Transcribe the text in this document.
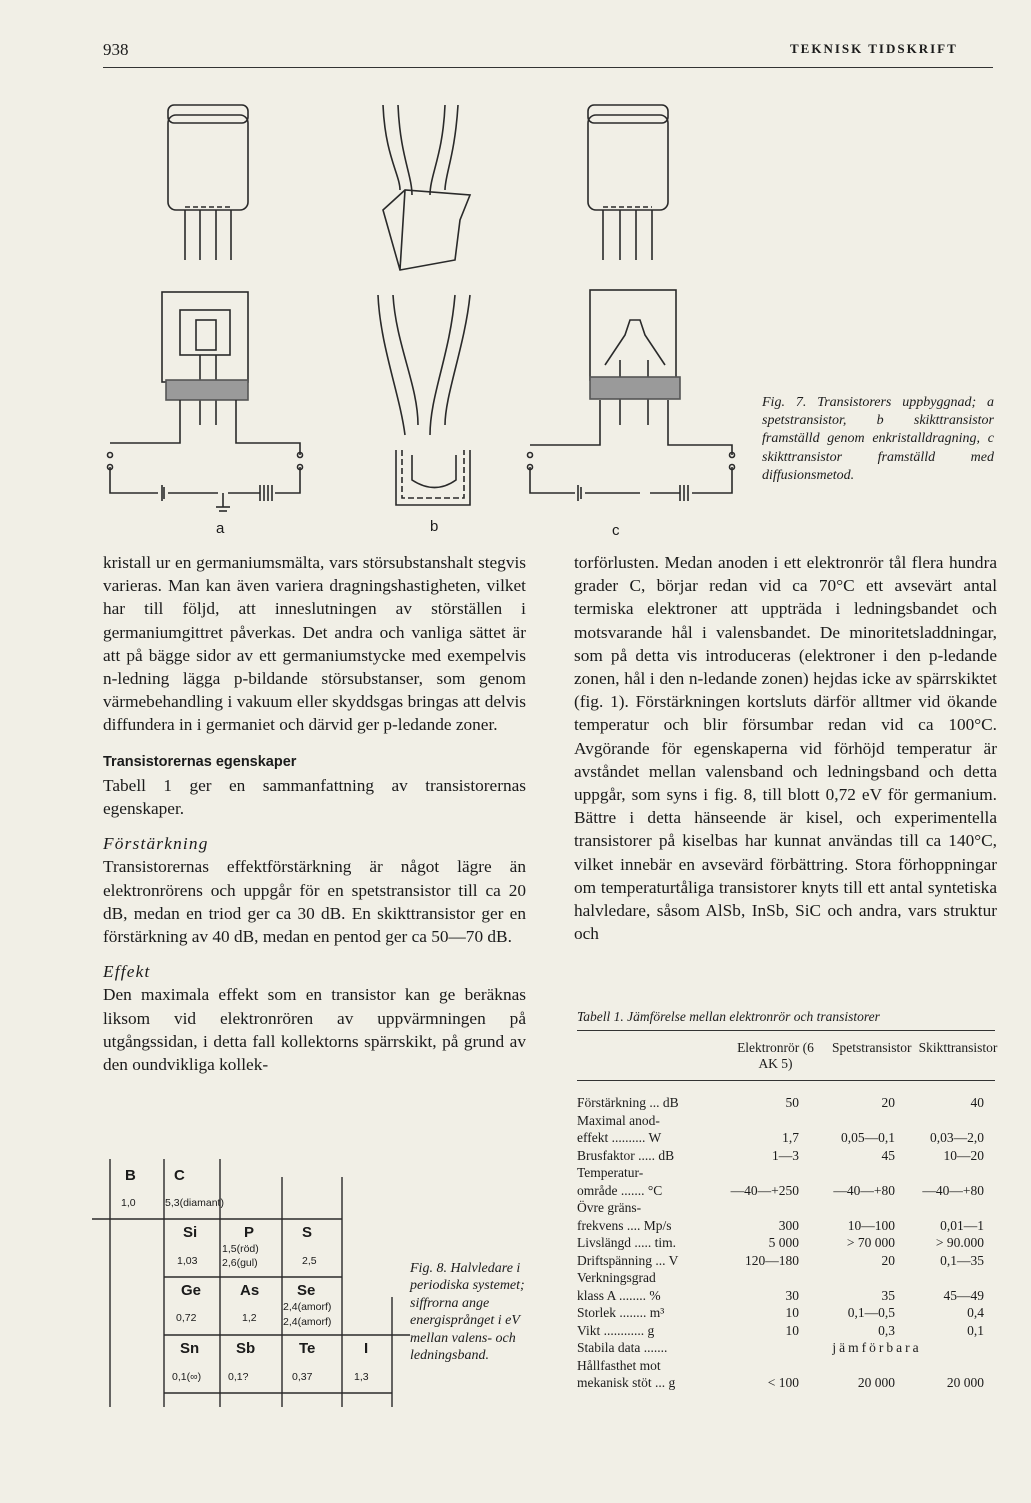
938	TEKNISK TIDSKRIFT
a	b	c
Fig. 7. Transistorers uppbyggnad; a spetstransistor, b skikttransistor framställd genom enkristalldragning, c skikttransistor framställd med diffusionsmetod.

kristall ur en germaniumsmälta, vars störsubstanshalt stegvis varieras. Man kan även variera dragningshastigheten, vilket har till följd, att inneslutningen av störställen i germaniumgittret påverkas. Det andra och vanliga sättet är att på bägge sidor av ett germaniumstycke med exempelvis n-ledning lägga p-bildande störsubstanser, som genom värmebehandling i vakuum eller skyddsgas bringas att delvis diffundera in i germaniet och därvid ger p-ledande zoner.

Transistorernas egenskaper

Tabell 1 ger en sammanfattning av transistorernas egenskaper.

Förstärkning

Transistorernas effektförstärkning är något lägre än elektronrörens och uppgår för en spetstransistor till ca 20 dB, medan en triod ger ca 30 dB. En skikttransistor ger en förstärkning av 40 dB, medan en pentod ger ca 50—70 dB.

Effekt

Den maximala effekt som en transistor kan ge beräknas liksom vid elektronrören av uppvärmningen på utgångssidan, i detta fall kollektorns spärrskikt, på grund av den oundvikliga kollek-

torförlusten. Medan anoden i ett elektronrör tål flera hundra grader C, börjar redan vid ca 70°C ett avsevärt antal termiska elektroner att uppträda i ledningsbandet och motsvarande hål i valensbandet. De minoritetsladdningar, som på detta vis introduceras (elektroner i den p-ledande zonen, hål i den n-ledande zonen) hejdas icke av spärrskiktet (fig. 1). Förstärkningen kortsluts därför alltmer vid ökande temperatur och blir försumbar redan vid ca 100°C. Avgörande för egenskaperna vid förhöjd temperatur är avståndet mellan valensband och ledningsband och detta uppgår, som syns i fig. 8, till blott 0,72 eV för germanium. Bättre i detta hänseende är kisel, och experimentella transistorer på kiselbas har kunnat användas till ca 140°C, vilket innebär en avsevärd förbättring. Stora förhoppningar om temperaturtåliga transistorer knyts till ett antal syntetiska halvledare, såsom AlSb, InSb, SiC och andra, vars struktur och

B
1,0
C
5,3(diamant)
Si
1,03
P
1,5(röd)
2,6(gul)
S
2,5
Ge
0,72
As
1,2
Se
2,4(amorf)
2,4(amorf)
Sn
0,1(∞)
Sb
0,1?
Te
0,37
I
1,3
Fig. 8. Halvledare i periodiska systemet; siffrorna ange energisprånget i eV mellan valens- och ledningsband.
Tabell 1. Jämförelse mellan elektronrör och transistorer
Elektronrör (6 AK 5)
Spetstransistor Skikttransistor
Förstärkning ... dB	50	20	40
Maximal anod-
effekt .......... W	1,7	0,05—0,1	0,03—2,0
Brusfaktor ..... dB	1—3	45	10—20
Temperatur-
område ....... °C	—40—+250	—40—+80	—40—+80
Övre gräns-
frekvens .... Mp/s	300	10—100	0,01—1
Livslängd ..... tim.	5 000	> 70 000	> 90.000
Driftspänning ... V	120—180	20	0,1—35
Verkningsgrad
klass A ........ %	30	35	45—49
Storlek ........ m³	10	0,1—0,5	0,4
Vikt ............ g	10	0,3	0,1
Stabila data .......	jämförbara
Hållfasthet mot
mekanisk stöt ... g	< 100	20 000	20 000
